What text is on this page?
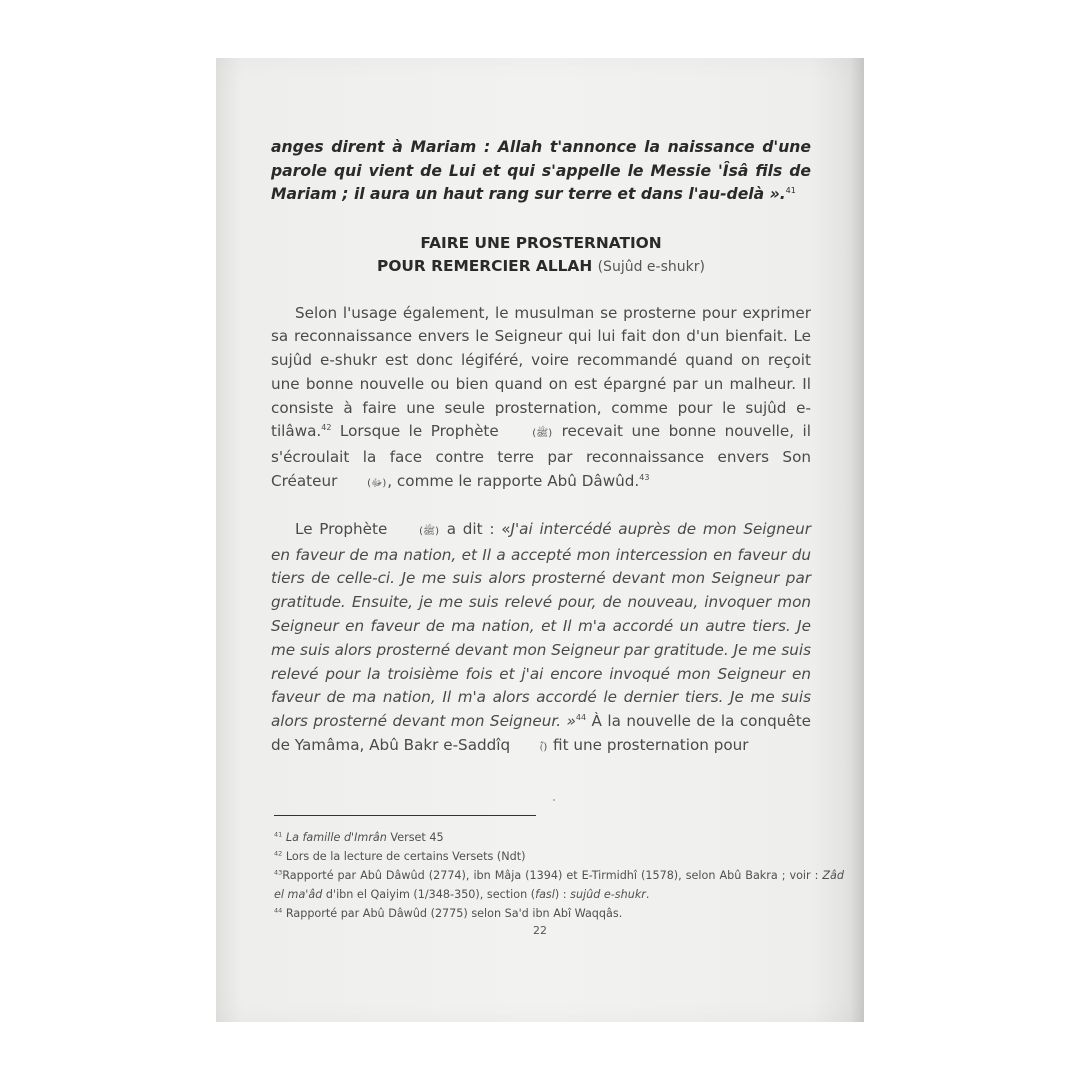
anges dirent à Mariam : Allah t'annonce la naissance d'une parole qui vient de Lui et qui s'appelle le Messie 'Îsâ fils de Mariam ; il aura un haut rang sur terre et dans l'au-delà ».$^{41}$

FAIRE UNE PROSTERNATION
POUR REMERCIER ALLAH (Sujûd e-shukr)

Selon l'usage également, le musulman se prosterne pour exprimer sa reconnaissance envers le Seigneur qui lui fait don d'un bienfait. Le sujûd e-shukr est donc légiféré, voire recommandé quand on reçoit une bonne nouvelle ou bien quand on est épargné par un malheur. Il consiste à faire une seule prosternation, comme pour le sujûd e-tilâwa.$^{42}$ Lorsque le Prophète	(ﷺ) recevait une bonne nouvelle, il s'écroulait la face contre terre par reconnaissance envers Son Créateur	(ﷻ), comme le rapporte Abû Dâwûd.$^{43}$

Le Prophète	(ﷺ) a dit : «J'ai intercédé auprès de mon Seigneur en faveur de ma nation, et Il a accepté mon intercession en faveur du tiers de celle-ci. Je me suis alors prosterné devant mon Seigneur par gratitude. Ensuite, je me suis relevé pour, de nouveau, invoquer mon Seigneur en faveur de ma nation, et Il m'a accordé un autre tiers. Je me suis alors prosterné devant mon Seigneur par gratitude. Je me suis relevé pour la troisième fois et j'ai encore invoqué mon Seigneur en faveur de ma nation, Il m'a alors accordé le dernier tiers. Je me suis alors prosterné devant mon Seigneur. »$^{44}$ À la nouvelle de la conquête de Yamâma, Abû Bakr e-Saddîq	(ؓ) fit une prosternation pour

$^{41}$ La famille d'Imrân Verset 45

$^{42}$ Lors de la lecture de certains Versets (Ndt)

$^{43}$Rapporté par Abû Dâwûd (2774), ibn Mâja (1394) et E-Tirmidhî (1578), selon Abû Bakra ; voir : Zâd el ma'âd d'ibn el Qaiyim (1/348-350), section (fasl) : sujûd e-shukr.

$^{44}$ Rapporté par Abû Dâwûd (2775) selon Sa'd ibn Abî Waqqâs.

22
